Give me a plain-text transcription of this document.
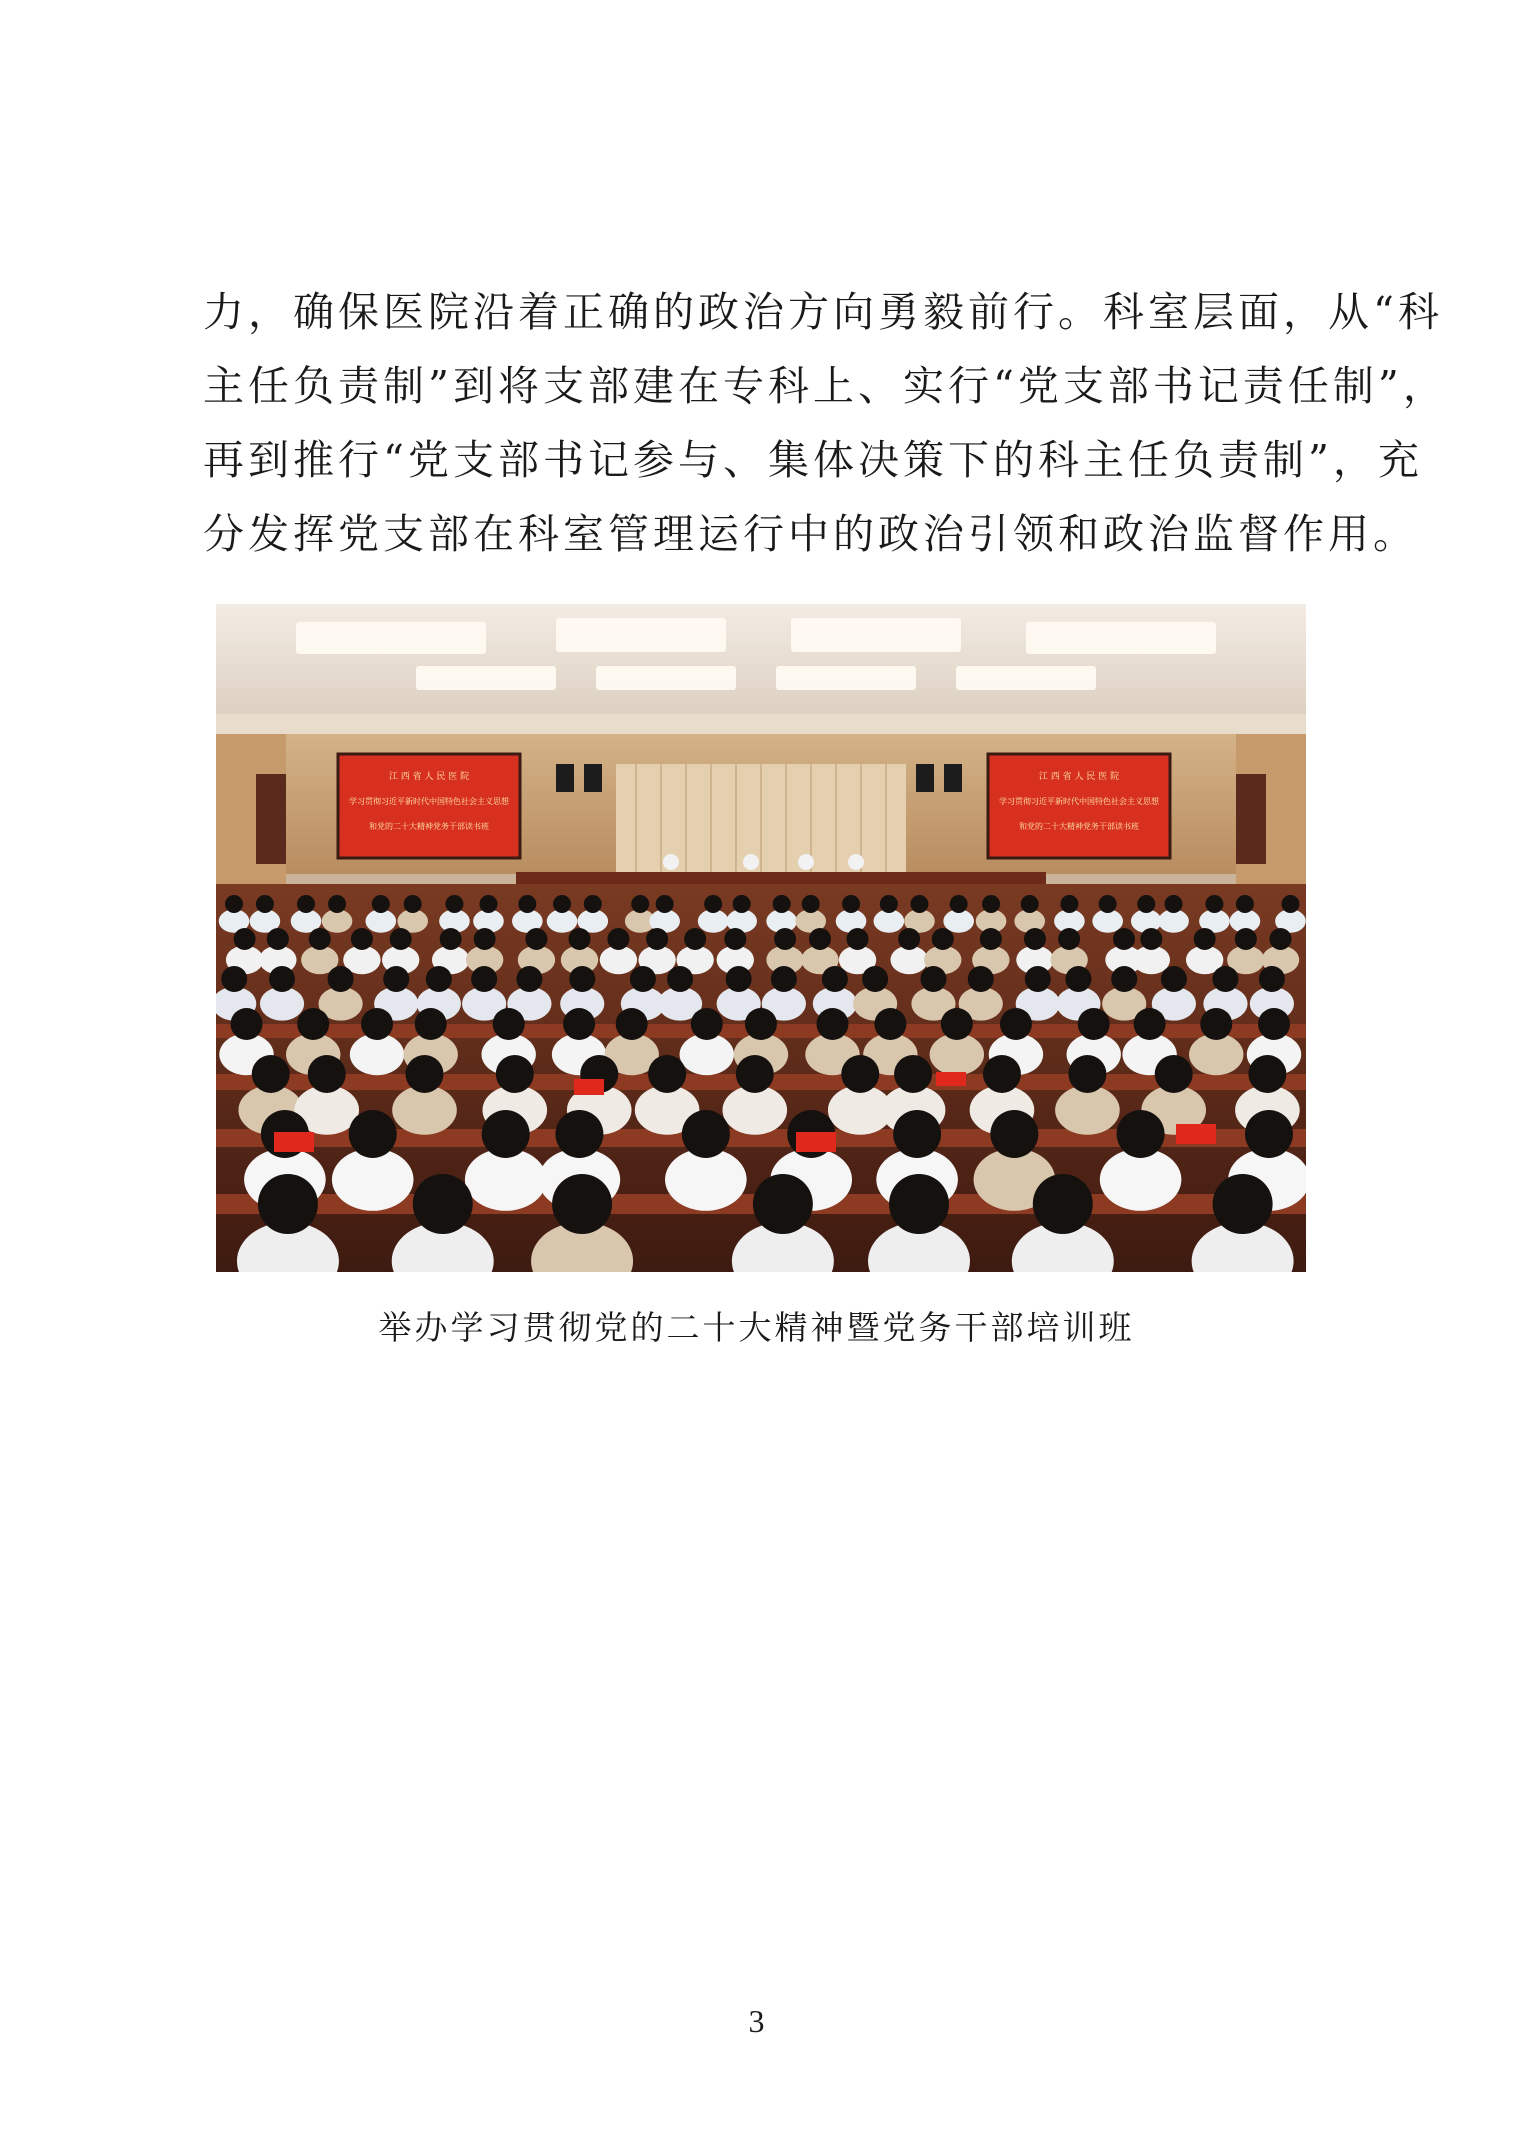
力，确保医院沿着正确的政治方向勇毅前行。科室层面，从“科
主任负责制”到将支部建在专科上、实行“党支部书记责任制”，
再到推行“党支部书记参与、集体决策下的科主任负责制”，充
分发挥党支部在科室管理运行中的政治引领和政治监督作用。
江 西 省 人 民 医 院
学习贯彻习近平新时代中国特色社会主义思想
和党的二十大精神党务干部读书班
江 西 省 人 民 医 院
学习贯彻习近平新时代中国特色社会主义思想
和党的二十大精神党务干部读书班
举办学习贯彻党的二十大精神暨党务干部培训班
3
